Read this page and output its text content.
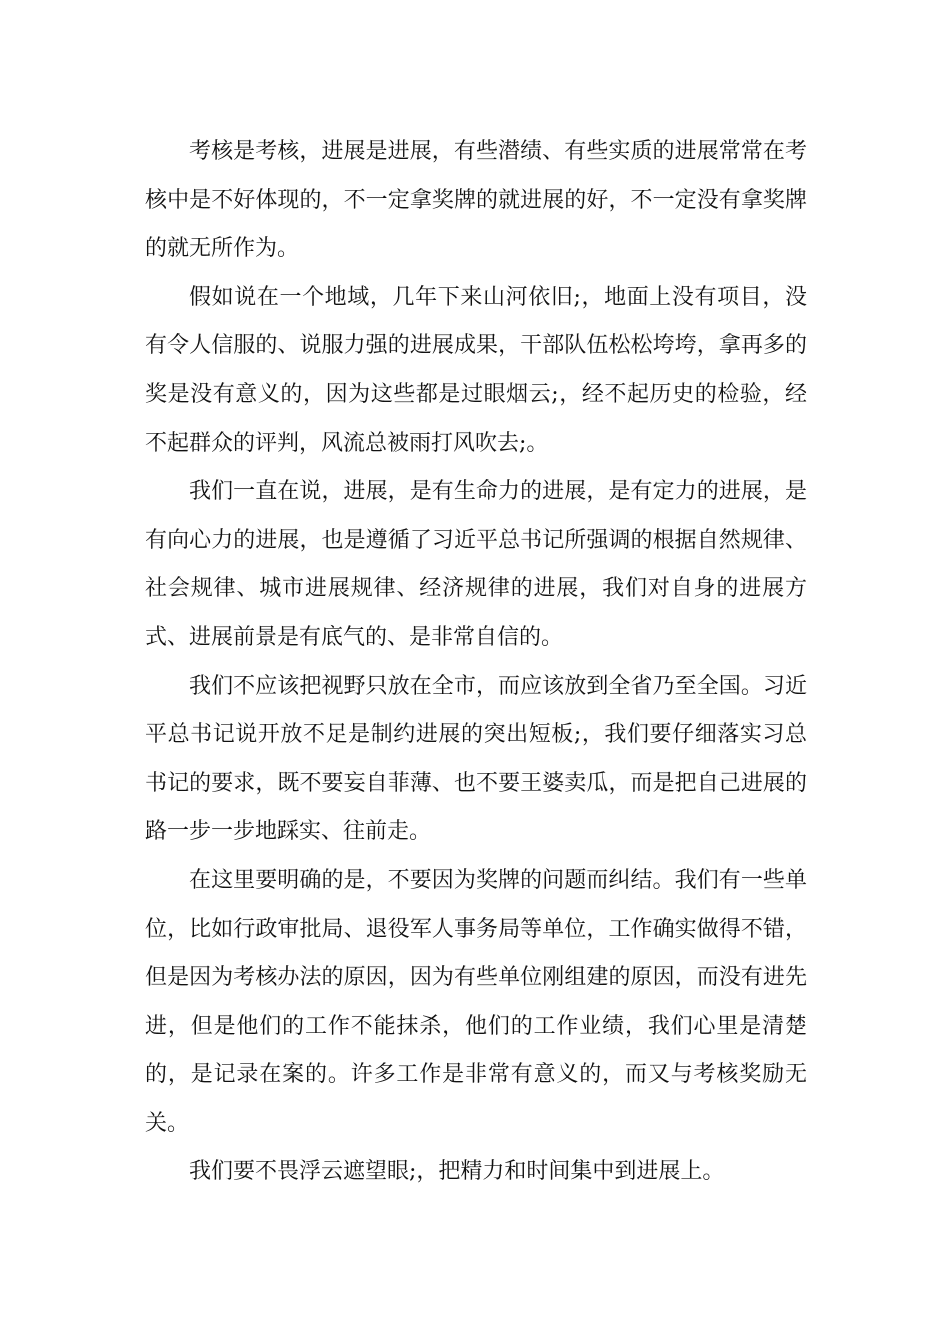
考核是考核，进展是进展，有些潜绩、有些实质的进展常常在考核中是不好体现的，不一定拿奖牌的就进展的好，不一定没有拿奖牌的就无所作为。

假如说在一个地域，几年下来山河依旧;，地面上没有项目，没有令人信服的、说服力强的进展成果，干部队伍松松垮垮，拿再多的奖是没有意义的，因为这些都是过眼烟云;，经不起历史的检验，经不起群众的评判，风流总被雨打风吹去;。

我们一直在说，进展，是有生命力的进展，是有定力的进展，是有向心力的进展，也是遵循了习近平总书记所强调的根据自然规律、社会规律、城市进展规律、经济规律的进展，我们对自身的进展方式、进展前景是有底气的、是非常自信的。

我们不应该把视野只放在全市，而应该放到全省乃至全国。习近平总书记说开放不足是制约进展的突出短板;，我们要仔细落实习总书记的要求，既不要妄自菲薄、也不要王婆卖瓜，而是把自己进展的路一步一步地踩实、往前走。

在这里要明确的是，不要因为奖牌的问题而纠结。我们有一些单位，比如行政审批局、退役军人事务局等单位，工作确实做得不错，但是因为考核办法的原因，因为有些单位刚组建的原因，而没有进先进，但是他们的工作不能抹杀，他们的工作业绩，我们心里是清楚的，是记录在案的。许多工作是非常有意义的，而又与考核奖励无关。

我们要不畏浮云遮望眼;，把精力和时间集中到进展上。
